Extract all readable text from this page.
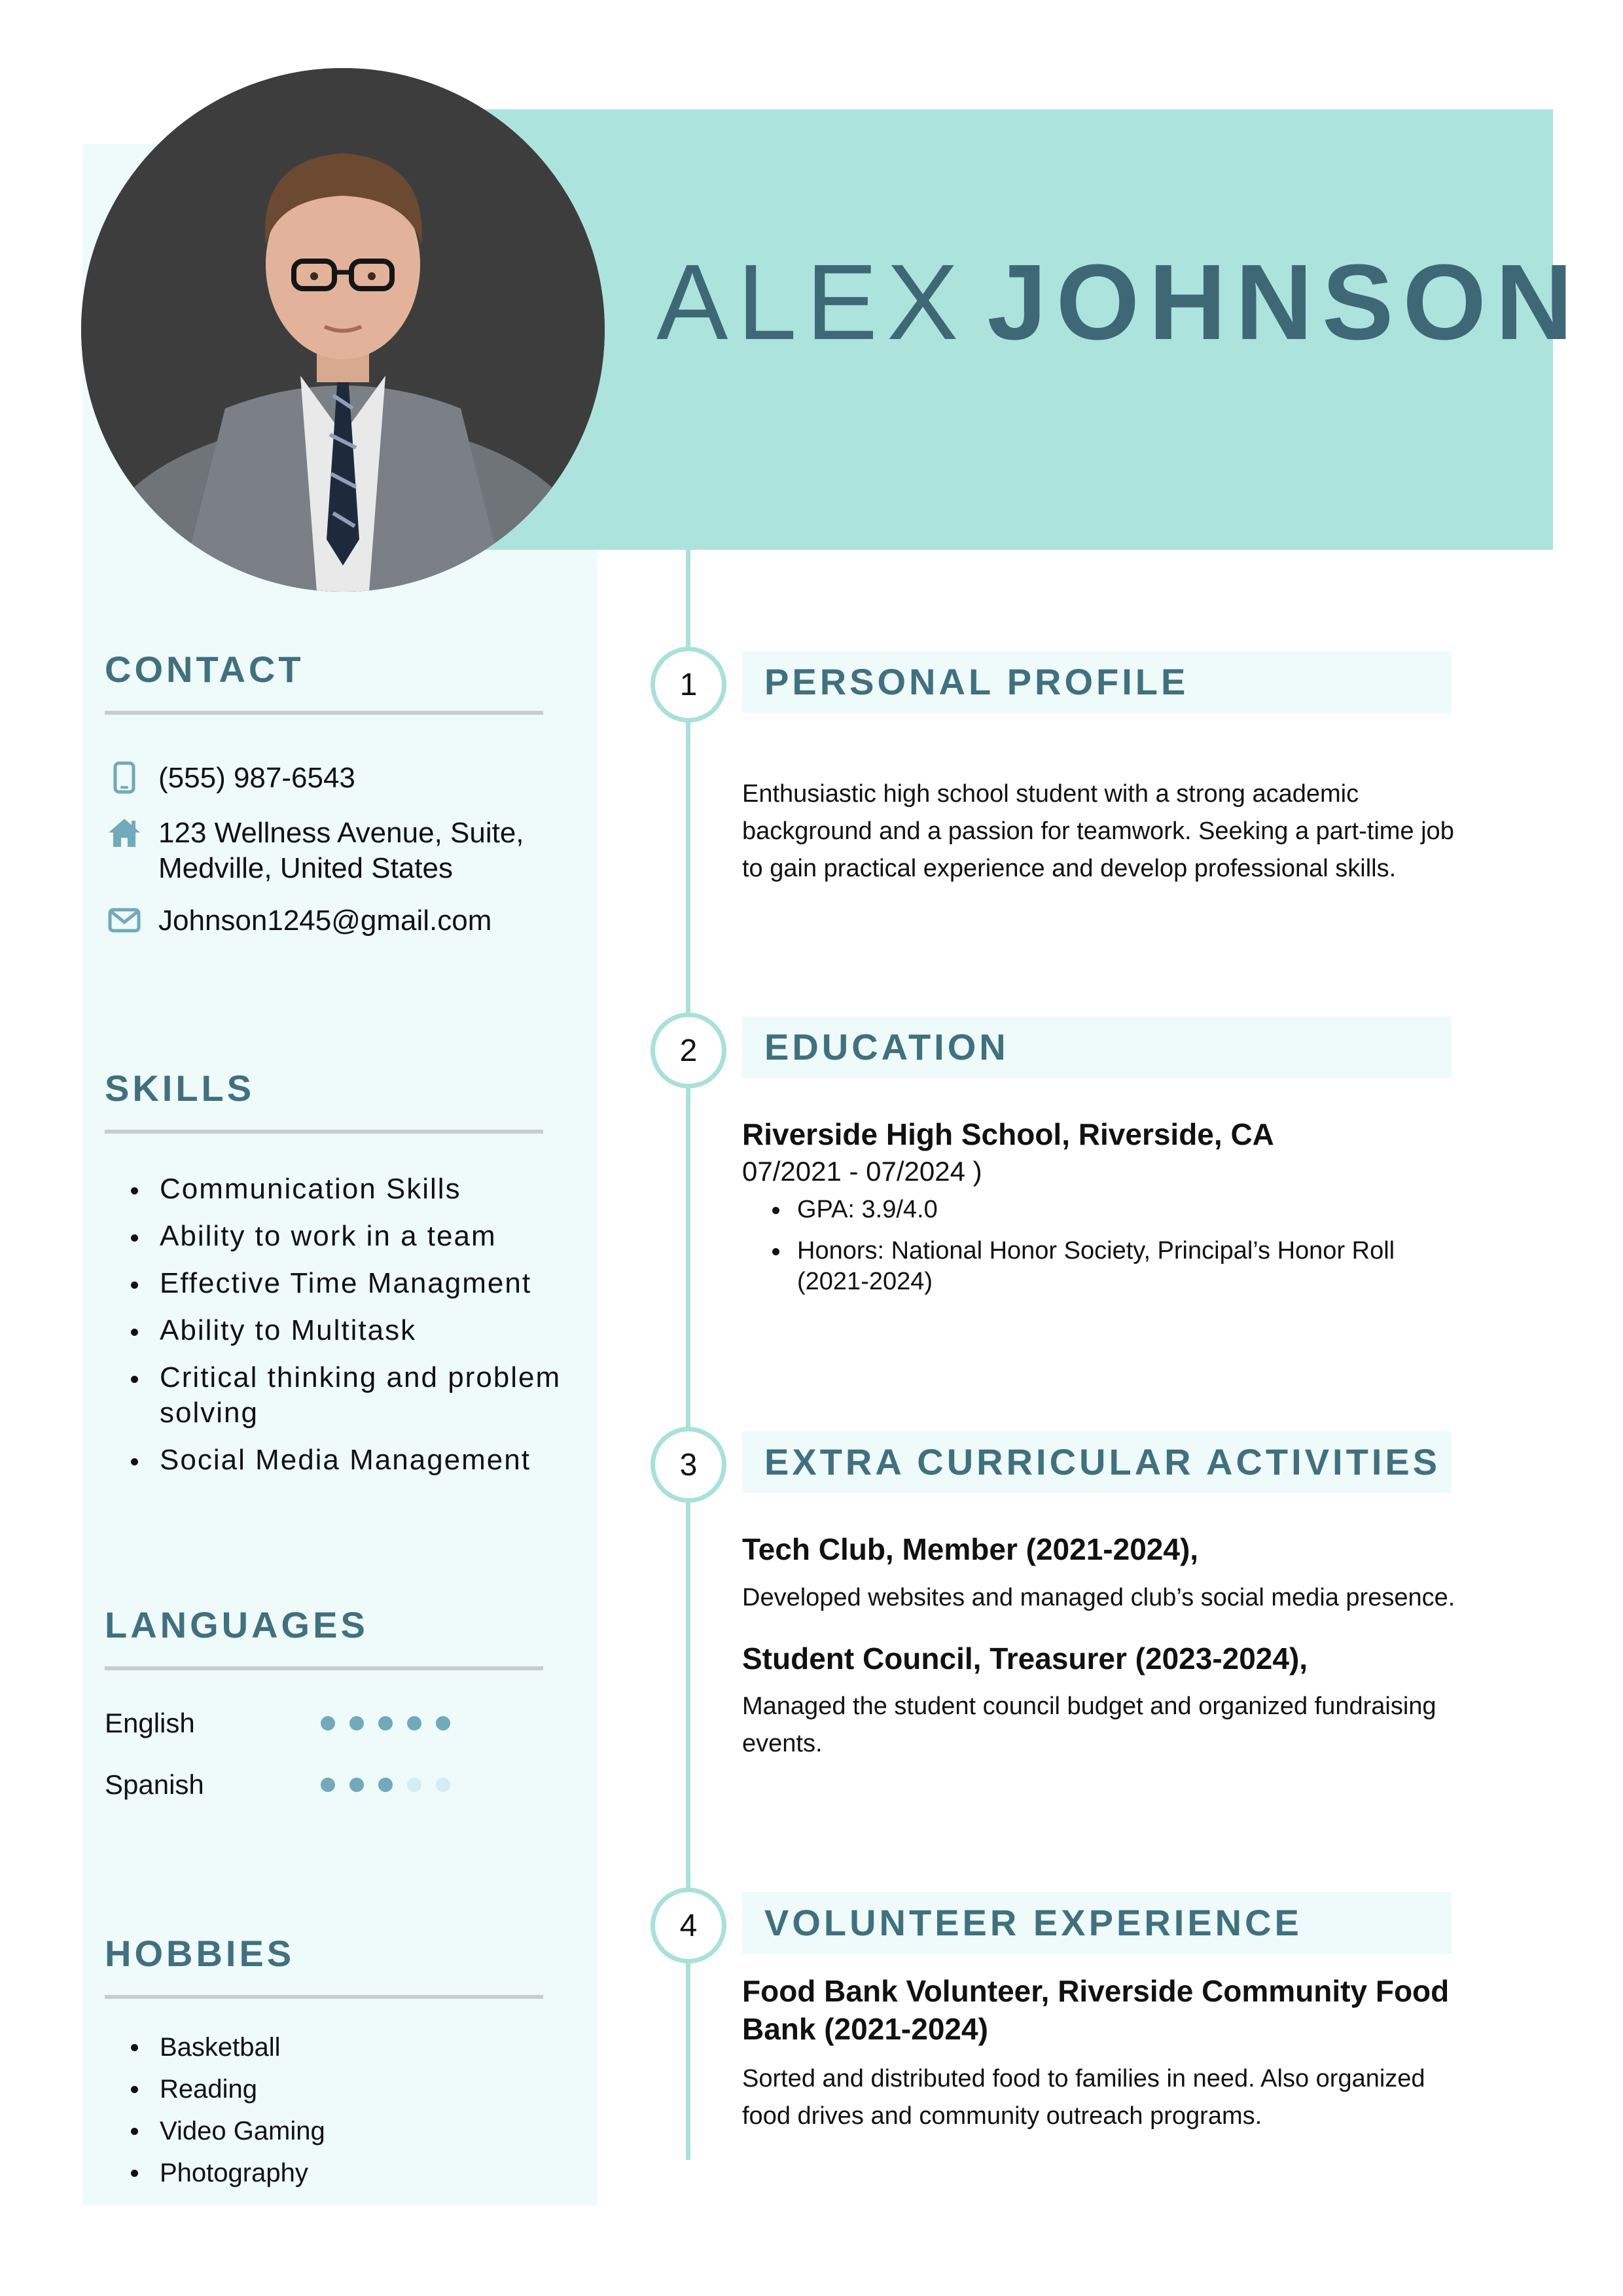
ALEX JOHNSON
CONTACT
(555) 987-6543
123 Wellness Avenue, Suite,
Medville, United States
Johnson1245@gmail.com
SKILLS
Communication Skills
Ability to work in a team
Effective Time Managment
Ability to Multitask
Critical thinking and problem solving
Social Media Management
LANGUAGES
English
Spanish
HOBBIES
Basketball
Reading
Video Gaming
Photography
1	PERSONAL PROFILE
Enthusiastic high school student with a strong academic background and a passion for teamwork. Seeking a part-time job to gain practical experience and develop professional skills.
2	EDUCATION
Riverside High School, Riverside, CA
07/2021 - 07/2024 )
GPA: 3.9/4.0
Honors: National Honor Society, Principal’s Honor Roll (2021-2024)
3	EXTRA CURRICULAR ACTIVITIES
Tech Club, Member (2021-2024),
Developed websites and managed club’s social media presence.
Student Council, Treasurer (2023-2024),
Managed the student council budget and organized fundraising events.
4	VOLUNTEER EXPERIENCE
Food Bank Volunteer, Riverside Community Food Bank (2021-2024)
Sorted and distributed food to families in need. Also organized food drives and community outreach programs.
